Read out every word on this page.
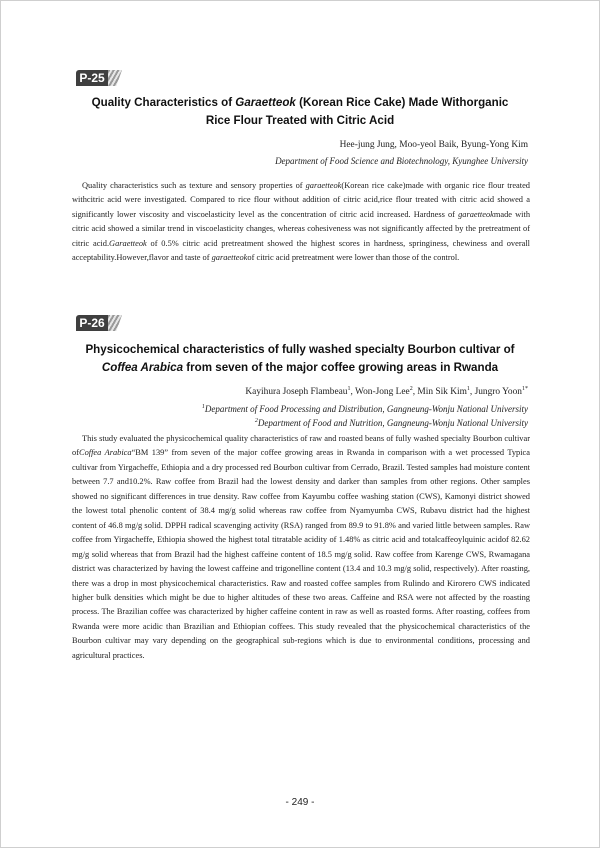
P-25
Quality Characteristics of Garaetteok (Korean Rice Cake) Made Withorganic
Rice Flour Treated with Citric Acid
Hee-jung Jung, Moo-yeol Baik, Byung-Yong Kim
Department of Food Science and Biotechnology, Kyunghee University
Quality characteristics such as texture and sensory properties of garaetteok(Korean rice cake)made with organic rice flour treated withcitric acid were investigated. Compared to rice flour without addition of citric acid,rice flour treated with citric acid showed a significantly lower viscosity and viscoelasticity level as the concentration of citric acid increased. Hardness of garaetteokmade with citric acid showed a similar trend in viscoelasticity changes, whereas cohesiveness was not significantly affected by the pretreatment of citric acid.Garaetteok of 0.5% citric acid pretreatment showed the highest scores in hardness, springiness, chewiness and overall acceptability.However,flavor and taste of garaetteokof citric acid pretreatment were lower than those of the control.
P-26
Physicochemical characteristics of fully washed specialty Bourbon cultivar of
Coffea Arabica from seven of the major coffee growing areas in Rwanda
Kayihura Joseph Flambeau$^1$, Won-Jong Lee$^2$, Min Sik Kim$^1$, Jungro Yoon$^{1*}$
$^1$Department of Food Processing and Distribution, Gangneung-Wonju National University
$^2$Department of Food and Nutrition, Gangneung-Wonju National University
This study evaluated the physicochemical quality characteristics of raw and roasted beans of fully washed specialty Bourbon cultivar ofCoffea Arabica“BM 139” from seven of the major coffee growing areas in Rwanda in comparison with a wet processed Typica cultivar from Yirgacheffe, Ethiopia and a dry processed red Bourbon cultivar from Cerrado, Brazil. Tested samples had moisture content between 7.7 and10.2%. Raw coffee from Brazil had the lowest density and darker than samples from other regions. Other samples showed no significant differences in true density. Raw coffee from Kayumbu coffee washing station (CWS), Kamonyi district showed the lowest total phenolic content of 38.4 mg/g solid whereas raw coffee from Nyamyumba CWS, Rubavu district had the highest content of 46.8 mg/g solid. DPPH radical scavenging activity (RSA) ranged from 89.9 to 91.8% and varied little between samples. Raw coffee from Yirgacheffe, Ethiopia showed the highest total titratable acidity of 1.48% as citric acid and totalcaffeoylquinic acidof 82.62 mg/g solid whereas that from Brazil had the highest caffeine content of 18.5 mg/g solid. Raw coffee from Karenge CWS, Rwamagana district was characterized by having the lowest caffeine and trigonelline content (13.4 and 10.3 mg/g solid, respectively). After roasting, there was a drop in most physicochemical characteristics. Raw and roasted coffee samples from Rulindo and Kirorero CWS indicated higher bulk densities which might be due to higher altitudes of these two areas. Caffeine and RSA were not affected by the roasting process. The Brazilian coffee was characterized by higher caffeine content in raw as well as roasted forms. After roasting, coffees from Rwanda were more acidic than Brazilian and Ethiopian coffees. This study revealed that the physicochemical characteristics of the Bourbon cultivar may vary depending on the geographical sub-regions which is due to environmental conditions, processing and agricultural practices.
- 249 -
